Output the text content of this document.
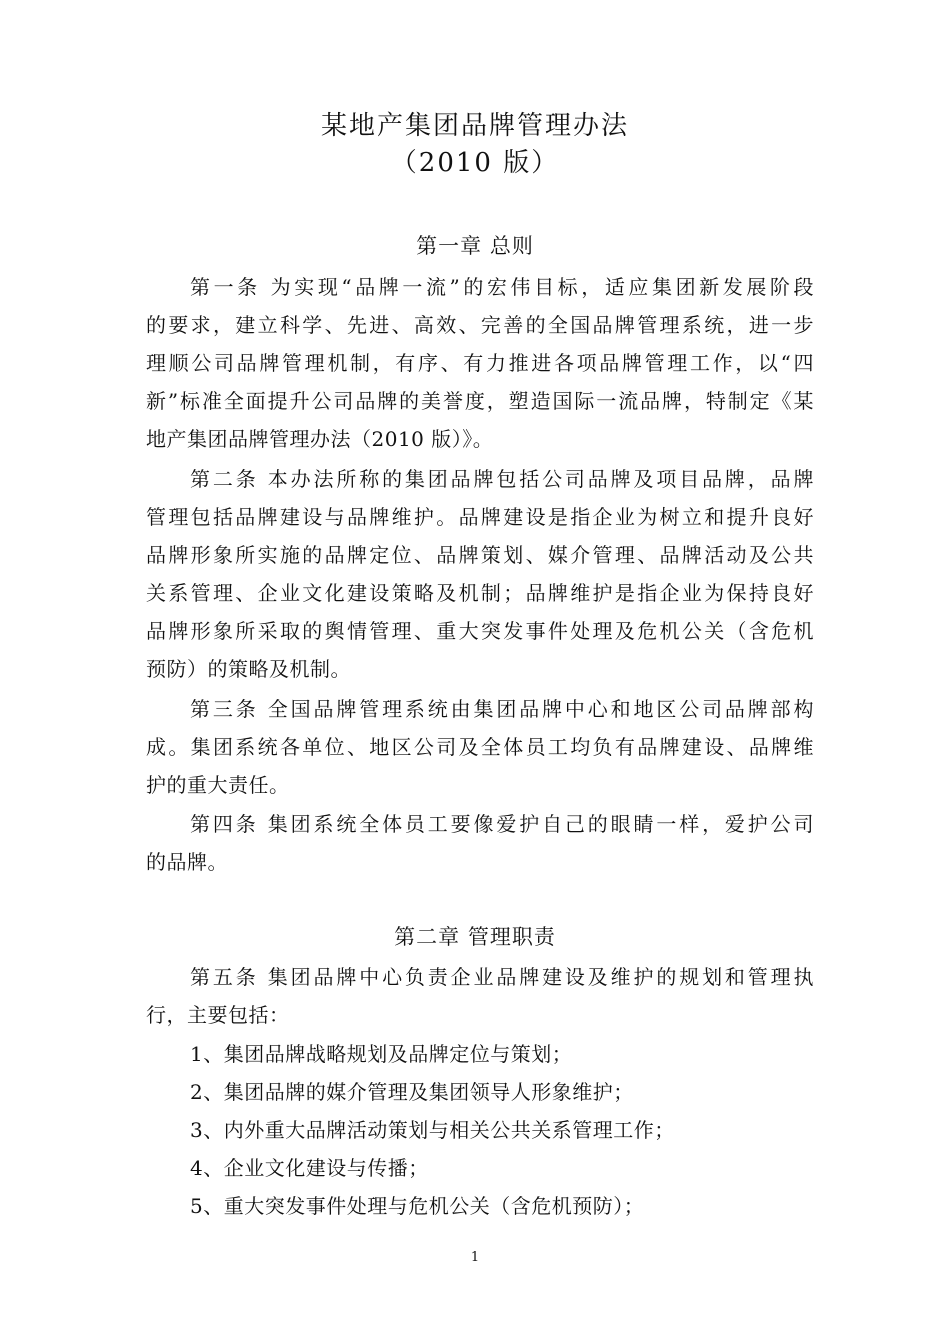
某地产集团品牌管理办法
（2010 版）
第一章 总则
第一条 为实现“品牌一流”的宏伟目标，适应集团新发展阶段
的要求，建立科学、先进、高效、完善的全国品牌管理系统，进一步
理顺公司品牌管理机制，有序、有力推进各项品牌管理工作，以“四
新”标准全面提升公司品牌的美誉度，塑造国际一流品牌，特制定《某
地产集团品牌管理办法（2010 版）》。
第二条 本办法所称的集团品牌包括公司品牌及项目品牌，品牌
管理包括品牌建设与品牌维护。品牌建设是指企业为树立和提升良好
品牌形象所实施的品牌定位、品牌策划、媒介管理、品牌活动及公共
关系管理、企业文化建设策略及机制；品牌维护是指企业为保持良好
品牌形象所采取的舆情管理、重大突发事件处理及危机公关（含危机
预防）的策略及机制。
第三条 全国品牌管理系统由集团品牌中心和地区公司品牌部构
成。集团系统各单位、地区公司及全体员工均负有品牌建设、品牌维
护的重大责任。
第四条 集团系统全体员工要像爱护自己的眼睛一样，爱护公司
的品牌。
第二章 管理职责
第五条 集团品牌中心负责企业品牌建设及维护的规划和管理执
行，主要包括：
1、集团品牌战略规划及品牌定位与策划；
2、集团品牌的媒介管理及集团领导人形象维护；
3、内外重大品牌活动策划与相关公共关系管理工作；
4、企业文化建设与传播；
5、重大突发事件处理与危机公关（含危机预防）；
1
